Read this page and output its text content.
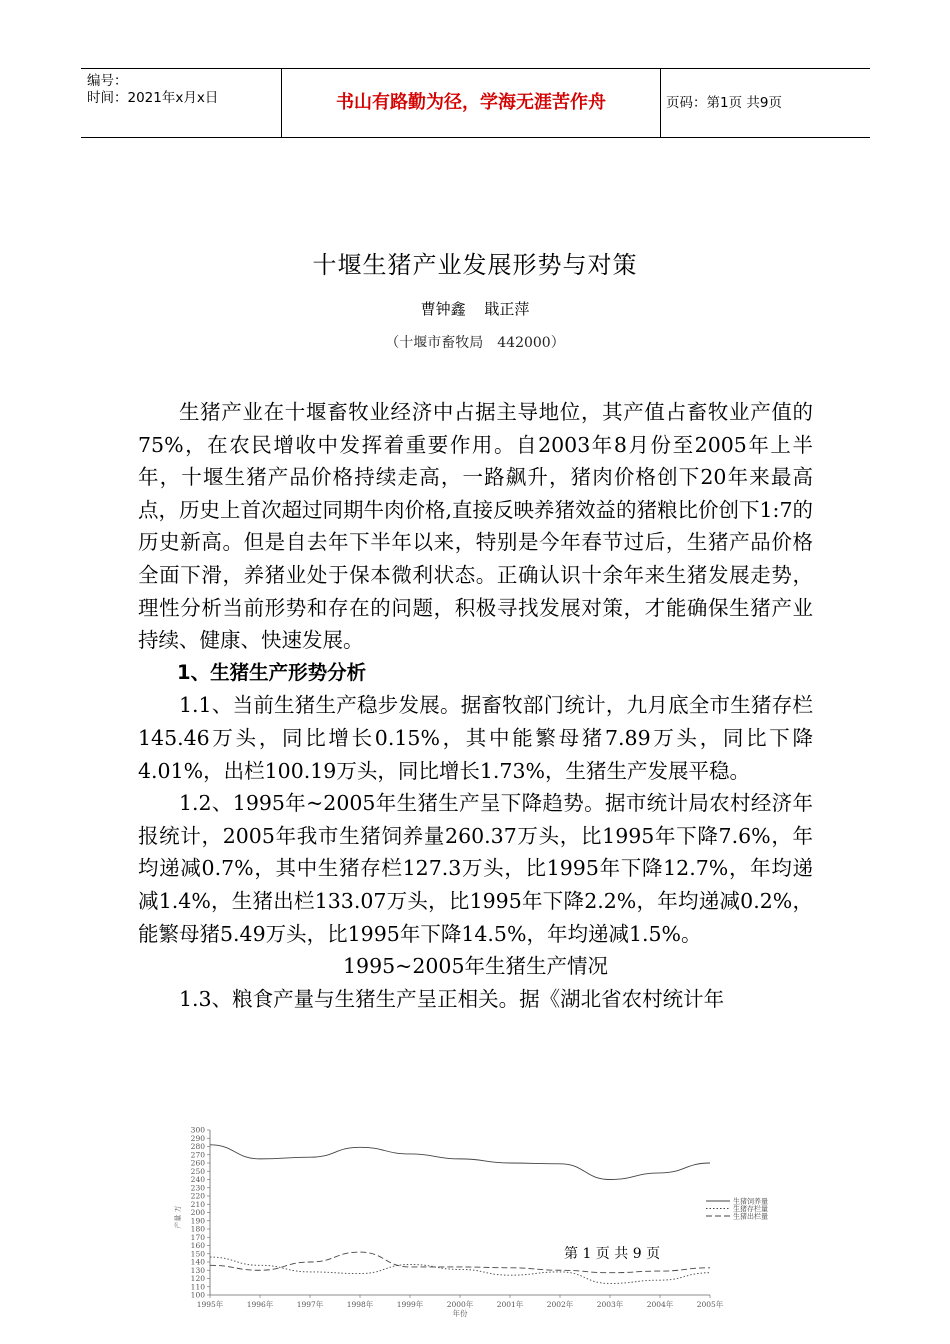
编号：
时间：2021年x月x日	书山有路勤为径，学海无涯苦作舟	页码：第1页 共9页
十堰生猪产业发展形势与对策
曹钟鑫 戢正萍
（十堰市畜牧局　442000）

生猪产业在十堰畜牧业经济中占据主导地位，其产值占畜牧业产值的75%，在农民增收中发挥着重要作用。自2003年8月份至2005年上半年，十堰生猪产品价格持续走高，一路飙升，猪肉价格创下20年来最高点，历史上首次超过同期牛肉价格,直接反映养猪效益的猪粮比价创下1:7的历史新高。但是自去年下半年以来，特别是今年春节过后，生猪产品价格全面下滑，养猪业处于保本微利状态。正确认识十余年来生猪发展走势，理性分析当前形势和存在的问题，积极寻找发展对策，才能确保生猪产业持续、健康、快速发展。

1、生猪生产形势分析

1.1、当前生猪生产稳步发展。据畜牧部门统计，九月底全市生猪存栏145.46万头，同比增长0.15%，其中能繁母猪7.89万头，同比下降4.01%，出栏100.19万头，同比增长1.73%，生猪生产发展平稳。

1.2、1995年~2005年生猪生产呈下降趋势。据市统计局农村经济年报统计，2005年我市生猪饲养量260.37万头，比1995年下降7.6%，年均递减0.7%，其中生猪存栏127.3万头，比1995年下降12.7%，年均递减1.4%，生猪出栏133.07万头，比1995年下降2.2%，年均递减0.2%，能繁母猪5.49万头，比1995年下降14.5%，年均递减1.5%。

1995~2005年生猪生产情况

1.3、粮食产量与生猪生产呈正相关。据《湖北省农村统计年

100
110
120
130
140
150
160
170
180
190
200
210
220
230
240
250
260
270
280
290
300
1995年	1996年	1997年	1998年	1999年	2000年	2001年	2002年	2003年	2004年	2005年
年份
产量 万
生猪饲养量
生猪存栏量
生猪出栏量
第 1 页 共 9 页
